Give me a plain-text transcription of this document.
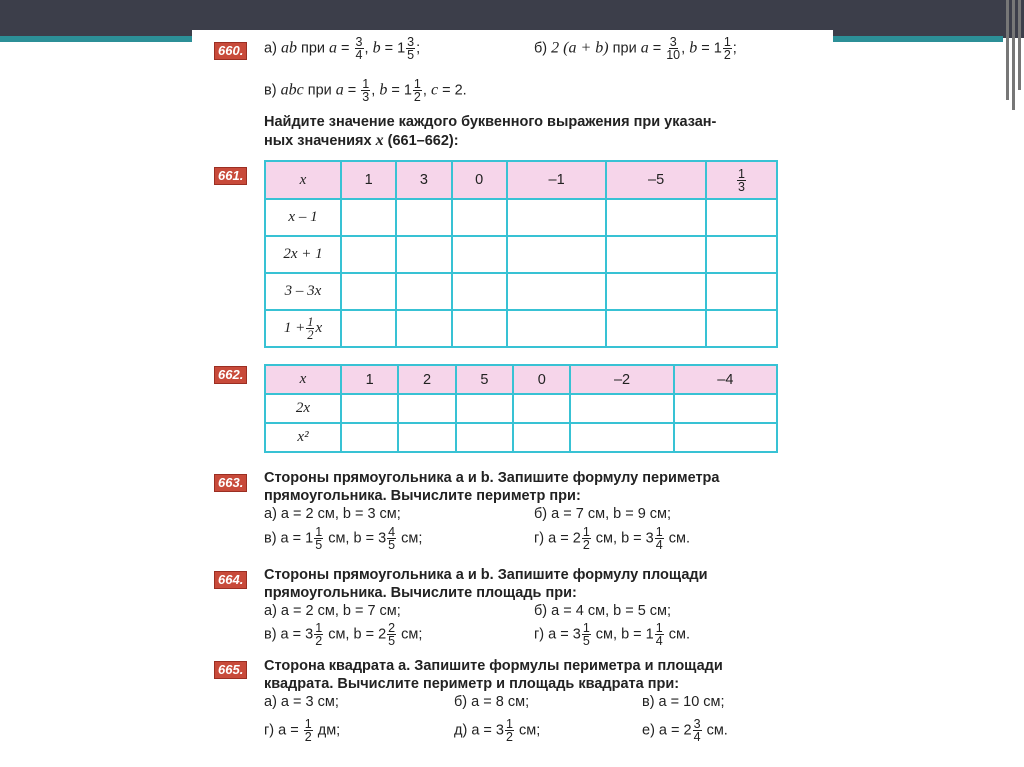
660. а) ab при $a = \frac{3}{4}$ , $b = 1 \frac{3}{5}$ ;	б) 2 (a + b) при $a = \frac{3}{10}$ , $b = 1 \frac{1}{2}$ ;
в) abc при $a = \frac{1}{3}$ , $b = 1 \frac{1}{2}$ , c = 2.
Найдите значение каждого буквенного выражения при указан-
ных значениях x (661–662):
661.	x	1	3	0	–1	–5	$\frac{1}{3}$

x – 1						
2x + 1						
3 – 3x						
$1 + \frac{1}{2}$ x						
662.	x	1	2	5	0	–2	–4
2x						
x²						
663. Стороны прямоугольника a и b. Запишите формулу периметра
прямоугольника. Вычислите периметр при:
а) a = 2 см, b = 3 см;	б) a = 7 см, b = 9 см;
в) $a = 1 \frac{1}{5}$ см, $b = 3 \frac{4}{5}$ см;	г) $a = 2 \frac{1}{2}$ см, $b = 3 \frac{1}{4}$ см.
664. Стороны прямоугольника a и b. Запишите формулу площади
прямоугольника. Вычислите площадь при:
а) a = 2 см, b = 7 см;	б) a = 4 см, b = 5 см;
в) $a = 3 \frac{1}{2}$ см, $b = 2 \frac{2}{5}$ см;	г) $a = 3 \frac{1}{5}$ см, $b = 1 \frac{1}{4}$ см.
665. Сторона квадрата a. Запишите формулы периметра и площади
квадрата. Вычислите периметр и площадь квадрата при:
а) a = 3 см;	б) a = 8 см;	в) a = 10 см;
г) $a = \frac{1}{2}$ дм;	д) $a = 3 \frac{1}{2}$ см;	е) $a = 2 \frac{3}{4}$ см.
